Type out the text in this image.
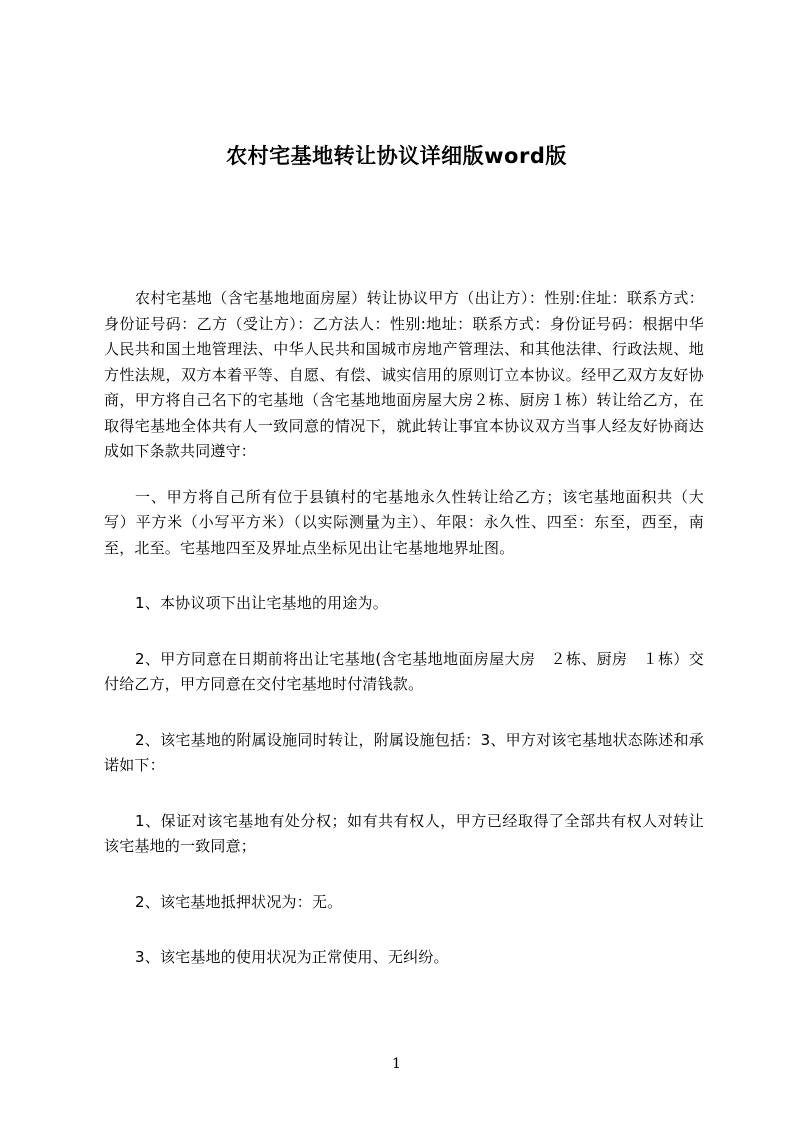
农村宅基地转让协议详细版word版

农村宅基地（含宅基地地面房屋）转让协议甲方（出让方）：性别:住址：联系方式：身份证号码：乙方（受让方）：乙方法人：性别:地址：联系方式：身份证号码：根据中华人民共和国土地管理法、中华人民共和国城市房地产管理法、和其他法律、行政法规、地方性法规，双方本着平等、自愿、有偿、诚实信用的原则订立本协议。经甲乙双方友好协商，甲方将自己名下的宅基地（含宅基地地面房屋大房２栋、厨房１栋）转让给乙方，在取得宅基地全体共有人一致同意的情况下，就此转让事宜本协议双方当事人经友好协商达成如下条款共同遵守：

一、甲方将自己所有位于县镇村的宅基地永久性转让给乙方；该宅基地面积共（大写）平方米（小写平方米）（以实际测量为主）、年限：永久性、四至：东至，西至，南至，北至。宅基地四至及界址点坐标见出让宅基地地界址图。

1、本协议项下出让宅基地的用途为。

2、甲方同意在日期前将出让宅基地(含宅基地地面房屋大房　２栋、厨房　１栋）交付给乙方，甲方同意在交付宅基地时付清钱款。

2、该宅基地的附属设施同时转让，附属设施包括：3、甲方对该宅基地状态陈述和承诺如下：

1、保证对该宅基地有处分权；如有共有权人，甲方已经取得了全部共有权人对转让该宅基地的一致同意；

2、该宅基地抵押状况为：无。

3、该宅基地的使用状况为正常使用、无纠纷。

1
